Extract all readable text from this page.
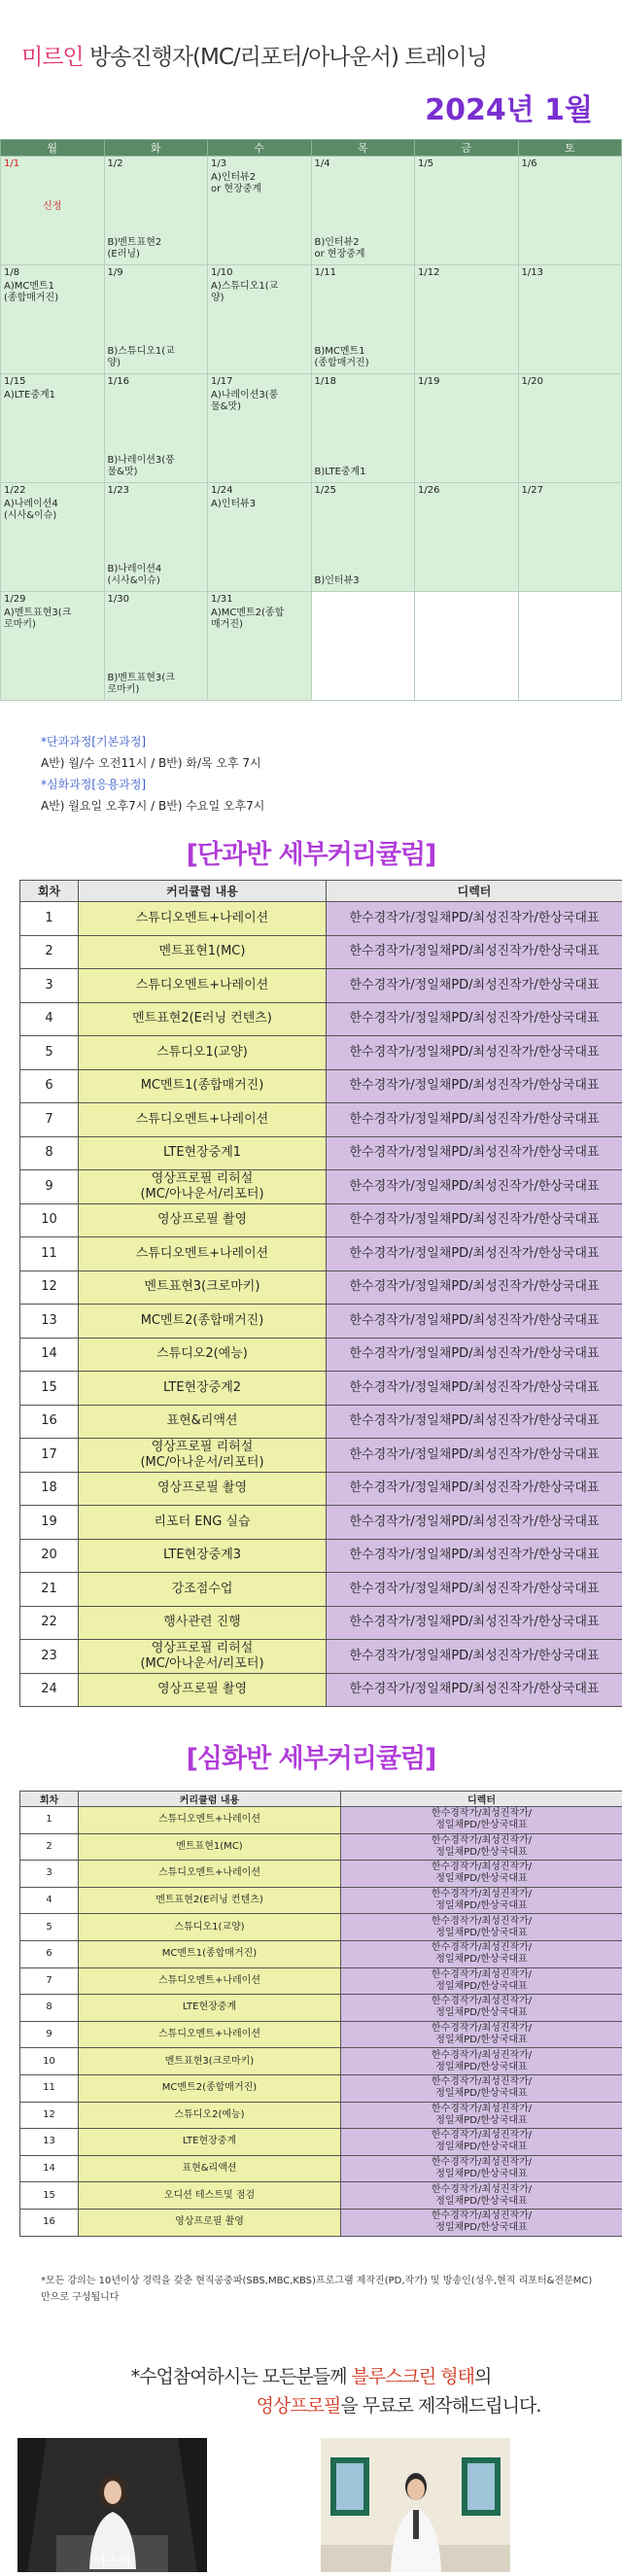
미르인 방송진행자(MC/리포터/아나운서) 트레이닝
2024년 1월
월	화	수	목	금	토

1/1
신정	1/2
B)멘트표현2
(E러닝)	1/3
A)인터뷰2
or 현장중계	1/4
B)인터뷰2
or 현장중계	1/5	1/6

1/8
A)MC멘트1
(종합매거진)	1/9
B)스튜디오1(교
양)	1/10
A)스튜디오1(교
양)	1/11
B)MC멘트1
(종합매거진)	1/12	1/13

1/15
A)LTE중계1	1/16
B)나레이션3(풍
물&맛)	1/17
A)나레이션3(풍
물&맛)	1/18
B)LTE중계1	1/19	1/20

1/22
A)나레이션4
(시사&이슈)	1/23
B)나레이션4
(시사&이슈)	1/24
A)인터뷰3	1/25
B)인터뷰3	1/26	1/27

1/29
A)멘트표현3(크
로마키)	1/30
B)멘트표현3(크
로마키)	1/31
A)MC멘트2(종합
매거진)			

*단과과정[기본과정]
A반) 월/수 오전11시 / B반) 화/목 오후 7시
*심화과정[응용과정]
A반) 월요일 오후7시 / B반) 수요일 오후7시
[단과반 세부커리큘럼]
회차	커리큘럼 내용	디렉터
1	스튜디오멘트+나레이션	한수경작가/정일채PD/최성진작가/한상국대표
2	멘트표현1(MC)	한수경작가/정일채PD/최성진작가/한상국대표
3	스튜디오멘트+나레이션	한수경작가/정일채PD/최성진작가/한상국대표
4	멘트표현2(E러닝 컨텐츠)	한수경작가/정일채PD/최성진작가/한상국대표
5	스튜디오1(교양)	한수경작가/정일채PD/최성진작가/한상국대표
6	MC멘트1(종합매거진)	한수경작가/정일채PD/최성진작가/한상국대표
7	스튜디오멘트+나레이션	한수경작가/정일채PD/최성진작가/한상국대표
8	LTE현장중계1	한수경작가/정일채PD/최성진작가/한상국대표
9	영상프로필 리허설
(MC/아나운서/리포터)	한수경작가/정일채PD/최성진작가/한상국대표
10	영상프로필 촬영	한수경작가/정일채PD/최성진작가/한상국대표
11	스튜디오멘트+나레이션	한수경작가/정일채PD/최성진작가/한상국대표
12	멘트표현3(크로마키)	한수경작가/정일채PD/최성진작가/한상국대표
13	MC멘트2(종합매거진)	한수경작가/정일채PD/최성진작가/한상국대표
14	스튜디오2(예능)	한수경작가/정일채PD/최성진작가/한상국대표
15	LTE현장중계2	한수경작가/정일채PD/최성진작가/한상국대표
16	표현&리액션	한수경작가/정일채PD/최성진작가/한상국대표
17	영상프로필 리허설
(MC/아나운서/리포터)	한수경작가/정일채PD/최성진작가/한상국대표
18	영상프로필 촬영	한수경작가/정일채PD/최성진작가/한상국대표
19	리포터 ENG 실습	한수경작가/정일채PD/최성진작가/한상국대표
20	LTE현장중계3	한수경작가/정일채PD/최성진작가/한상국대표
21	강조점수업	한수경작가/정일채PD/최성진작가/한상국대표
22	행사관련 진행	한수경작가/정일채PD/최성진작가/한상국대표
23	영상프로필 리허설
(MC/아나운서/리포터)	한수경작가/정일채PD/최성진작가/한상국대표
24	영상프로필 촬영	한수경작가/정일채PD/최성진작가/한상국대표
[심화반 세부커리큘럼]
회차	커리큘럼 내용	디렉터
1	스튜디오멘트+나레이션	한수경작가/최성진작가/
정일채PD/한상국대표
2	멘트표현1(MC)	한수경작가/최성진작가/
정일채PD/한상국대표
3	스튜디오멘트+나레이션	한수경작가/최성진작가/
정일채PD/한상국대표
4	멘트표현2(E러닝 컨텐츠)	한수경작가/최성진작가/
정일채PD/한상국대표
5	스튜디오1(교양)	한수경작가/최성진작가/
정일채PD/한상국대표
6	MC멘트1(종합매거진)	한수경작가/최성진작가/
정일채PD/한상국대표
7	스튜디오멘트+나레이션	한수경작가/최성진작가/
정일채PD/한상국대표
8	LTE현장중계	한수경작가/최성진작가/
정일채PD/한상국대표
9	스튜디오멘트+나레이션	한수경작가/최성진작가/
정일채PD/한상국대표
10	멘트표현3(크로마키)	한수경작가/최성진작가/
정일채PD/한상국대표
11	MC멘트2(종합매거진)	한수경작가/최성진작가/
정일채PD/한상국대표
12	스튜디오2(예능)	한수경작가/최성진작가/
정일채PD/한상국대표
13	LTE현장중계	한수경작가/최성진작가/
정일채PD/한상국대표
14	표현&리액션	한수경작가/최성진작가/
정일채PD/한상국대표
15	오디션 테스트및 점검	한수경작가/최성진작가/
정일채PD/한상국대표
16	영상프로필 촬영	한수경작가/최성진작가/
정일채PD/한상국대표
*모든 강의는 10년이상 경력을 갖춘 현직공중파(SBS,MBC,KBS)프로그램 제작진(PD,작가) 및 방송인(성우,현직 리포터&전문MC)만으로 구성됩니다
*수업참여하시는 모든분들께 블루스크린 형태의
영상프로필을 무료로 제작해드립니다.
이초배
